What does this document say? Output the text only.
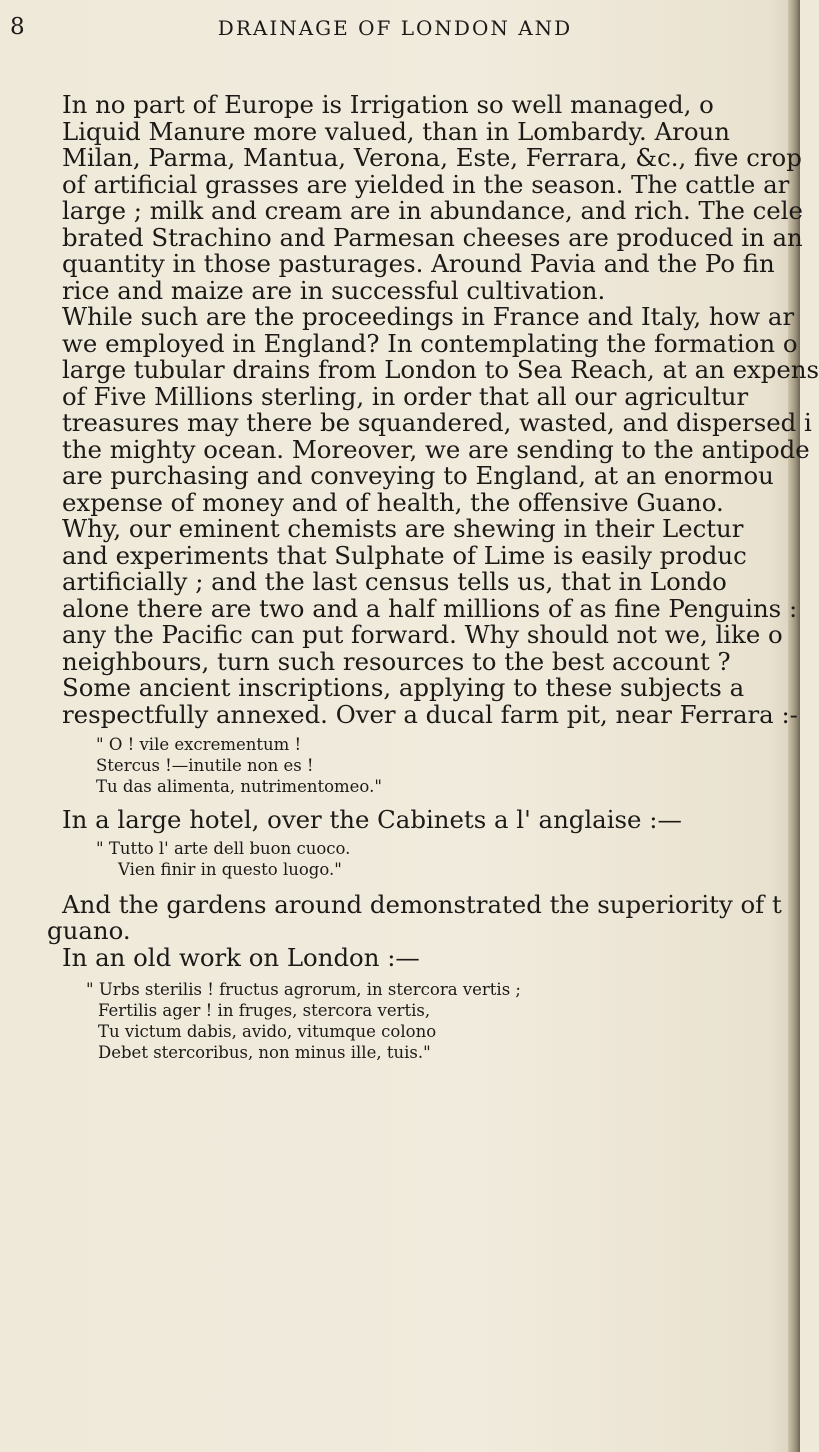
8	DRAINAGE OF LONDON AND
In no part of Europe is Irrigation so well managed, o
Liquid Manure more valued, than in Lombardy. Aroun
Milan, Parma, Mantua, Verona, Este, Ferrara, &c., five crop
of artificial grasses are yielded in the season. The cattle ar
large ; milk and cream are in abundance, and rich. The cele
brated Strachino and Parmesan cheeses are produced in an
quantity in those pasturages. Around Pavia and the Po fin
rice and maize are in successful cultivation.
While such are the proceedings in France and Italy, how ar
we employed in England? In contemplating the formation o
large tubular drains from London to Sea Reach, at an expens
of Five Millions sterling, in order that all our agricultur
treasures may there be squandered, wasted, and dispersed i
the mighty ocean. Moreover, we are sending to the antipode
are purchasing and conveying to England, at an enormou
expense of money and of health, the offensive Guano.
Why, our eminent chemists are shewing in their Lectur
and experiments that Sulphate of Lime is easily produc
artificially ; and the last census tells us, that in Londo
alone there are two and a half millions of as fine Penguins :
any the Pacific can put forward. Why should not we, like o
neighbours, turn such resources to the best account ?
Some ancient inscriptions, applying to these subjects a
respectfully annexed. Over a ducal farm pit, near Ferrara :-
" O ! vile excrementum !
Stercus !—inutile non es !
Tu das alimenta, nutrimentomeo."
In a large hotel, over the Cabinets a l' anglaise :—
" Tutto l' arte dell buon cuoco.
Vien finir in questo luogo."
And the gardens around demonstrated the superiority of t
guano.
In an old work on London :—
" Urbs sterilis ! fructus agrorum, in stercora vertis ;
Fertilis ager ! in fruges, stercora vertis,
Tu victum dabis, avido, vitumque colono
Debet stercoribus, non minus ille, tuis."
